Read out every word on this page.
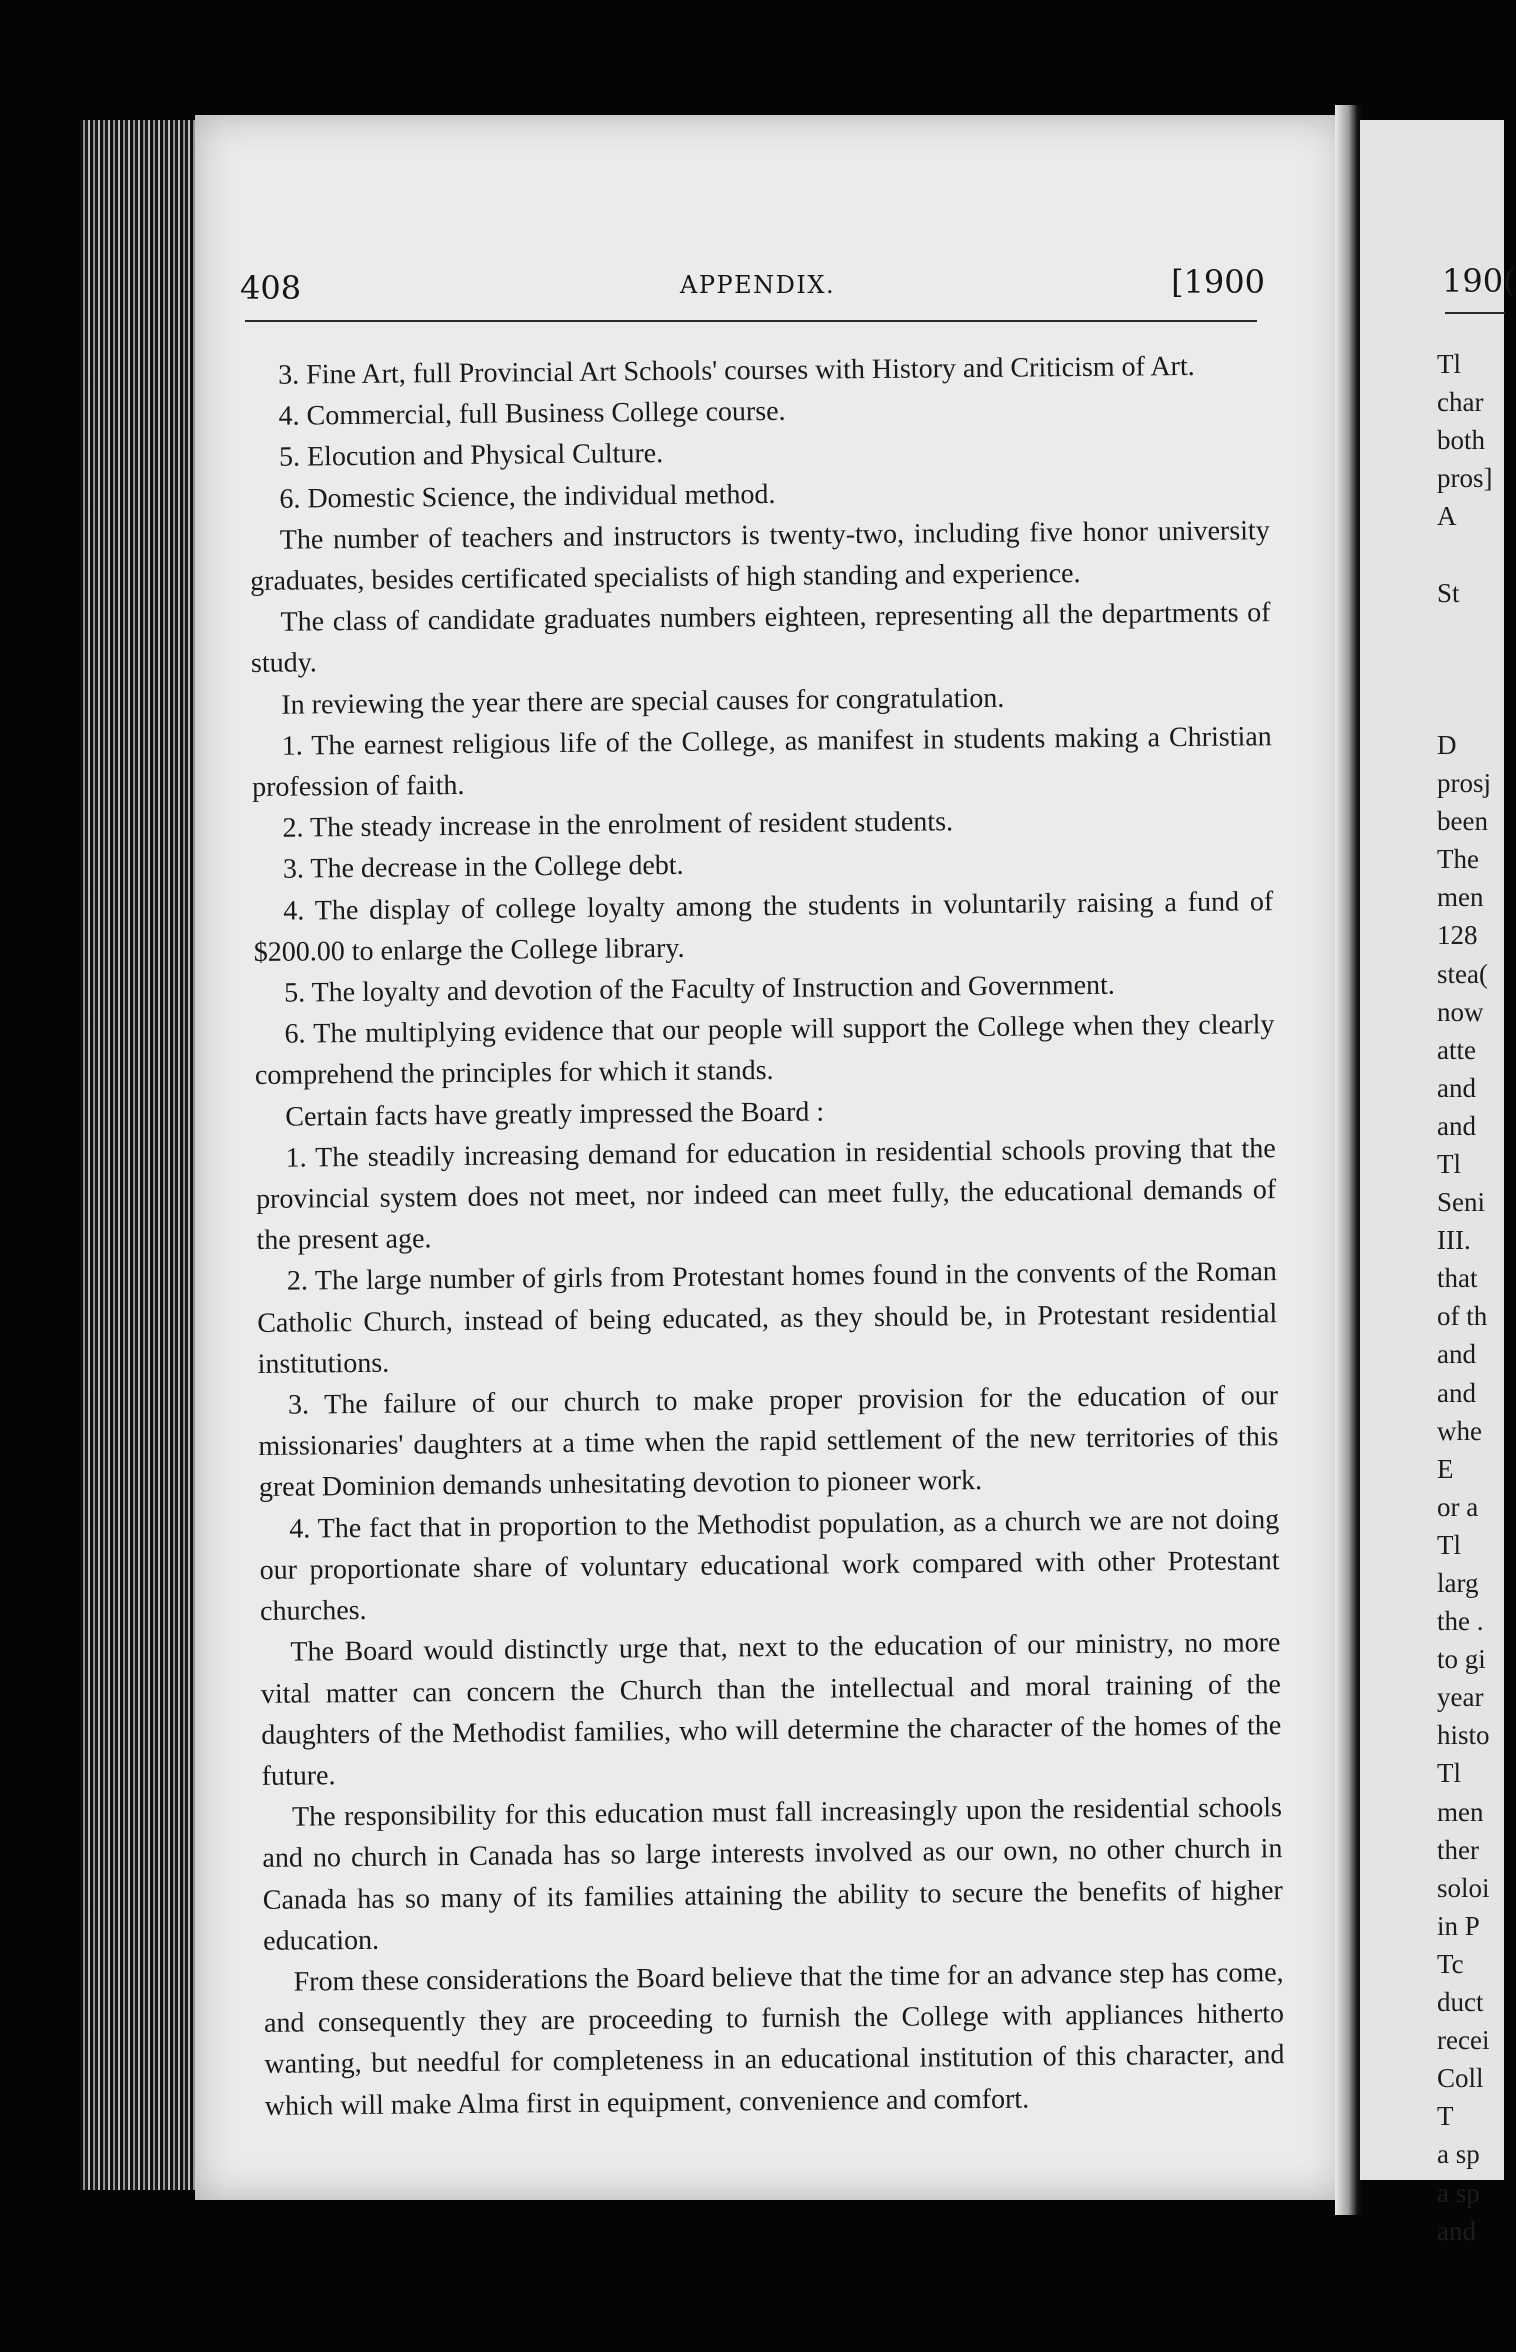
408	APPENDIX.	[1900

3. Fine Art, full Provincial Art Schools' courses with History and Criticism of Art.

4. Commercial, full Business College course.

5. Elocution and Physical Culture.

6. Domestic Science, the individual method.

The number of teachers and instructors is twenty-two, including five honor university graduates, besides certificated specialists of high standing and experience.

The class of candidate graduates numbers eighteen, representing all the departments of study.

In reviewing the year there are special causes for congratulation.

1. The earnest religious life of the College, as manifest in students making a Christian profession of faith.

2. The steady increase in the enrolment of resident students.

3. The decrease in the College debt.

4. The display of college loyalty among the students in voluntarily raising a fund of $200.00 to enlarge the College library.

5. The loyalty and devotion of the Faculty of Instruction and Government.

6. The multiplying evidence that our people will support the College when they clearly comprehend the principles for which it stands.

Certain facts have greatly impressed the Board :

1. The steadily increasing demand for education in residential schools proving that the provincial system does not meet, nor indeed can meet fully, the educational demands of the present age.

2. The large number of girls from Protestant homes found in the convents of the Roman Catholic Church, instead of being educated, as they should be, in Protestant residential institutions.

3. The failure of our church to make proper provision for the education of our missionaries' daughters at a time when the rapid settlement of the new territories of this great Dominion demands unhesitating devotion to pioneer work.

4. The fact that in proportion to the Methodist population, as a church we are not doing our proportionate share of voluntary educational work compared with other Protestant churches.

The Board would distinctly urge that, next to the education of our ministry, no more vital matter can concern the Church than the intellectual and moral training of the daughters of the Methodist families, who will determine the character of the homes of the future.

The responsibility for this education must fall increasingly upon the residential schools and no church in Canada has so large interests involved as our own, no other church in Canada has so many of its families attaining the ability to secure the benefits of higher education.

From these considerations the Board believe that the time for an advance step has come, and consequently they are proceeding to furnish the College with appliances hitherto wanting, but needful for completeness in an educational institution of this character, and which will make Alma first in equipment, convenience and comfort.

190(
Tl
char
both
pros]
A

St

D
prosj
been
The
men
128
stea(
now
atte
and
and
Tl
Seni
III.
that
of th
and
and
whe
E
or a
Tl
larg
the .
to gi
year
histo
Tl
men
ther
soloi
in P
Tc
duct
recei
Coll
T
a sp
a sp
and
